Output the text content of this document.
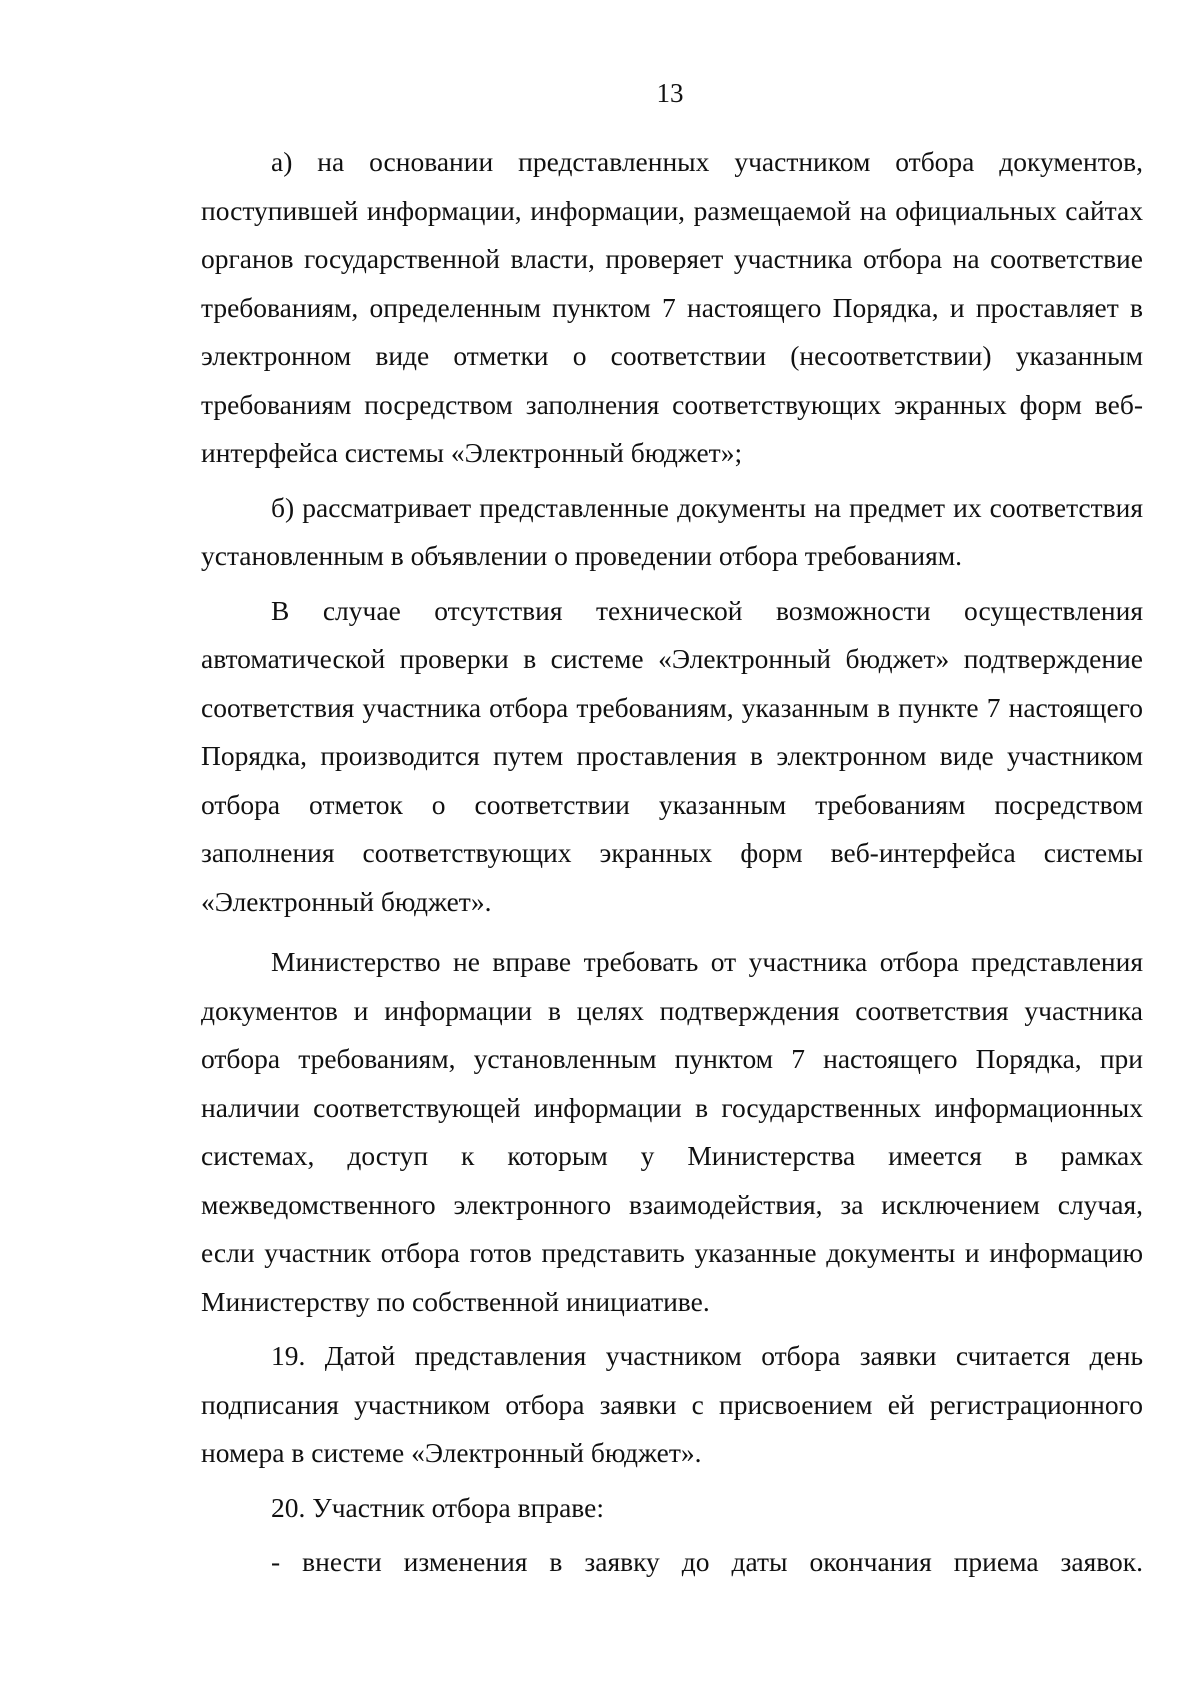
13

а) на основании представленных участником отбора документов, поступившей информации, информации, размещаемой на официальных сайтах органов государственной власти, проверяет участника отбора на соответствие требованиям, определенным пунктом 7 настоящего Порядка, и проставляет в электронном виде отметки о соответствии (несоответствии) указанным требованиям посредством заполнения соответствующих экранных форм веб-интерфейса системы «Электронный бюджет»;

б) рассматривает представленные документы на предмет их соответствия установленным в объявлении о проведении отбора требованиям.

В случае отсутствия технической возможности осуществления автоматической проверки в системе «Электронный бюджет» подтверждение соответствия участника отбора требованиям, указанным в пункте 7 настоящего Порядка, производится путем проставления в электронном виде участником отбора отметок о соответствии указанным требованиям посредством заполнения соответствующих экранных форм веб-интерфейса системы «Электронный бюджет».

Министерство не вправе требовать от участника отбора представления документов и информации в целях подтверждения соответствия участника отбора требованиям, установленным пунктом 7 настоящего Порядка, при наличии соответствующей информации в государственных информационных системах, доступ к которым у Министерства имеется в рамках межведомственного электронного взаимодействия, за исключением случая, если участник отбора готов представить указанные документы и информацию Министерству по собственной инициативе.

19. Датой представления участником отбора заявки считается день подписания участником отбора заявки с присвоением ей регистрационного номера в системе «Электронный бюджет».

20. Участник отбора вправе:

- внести изменения в заявку до даты окончания приема заявок.
